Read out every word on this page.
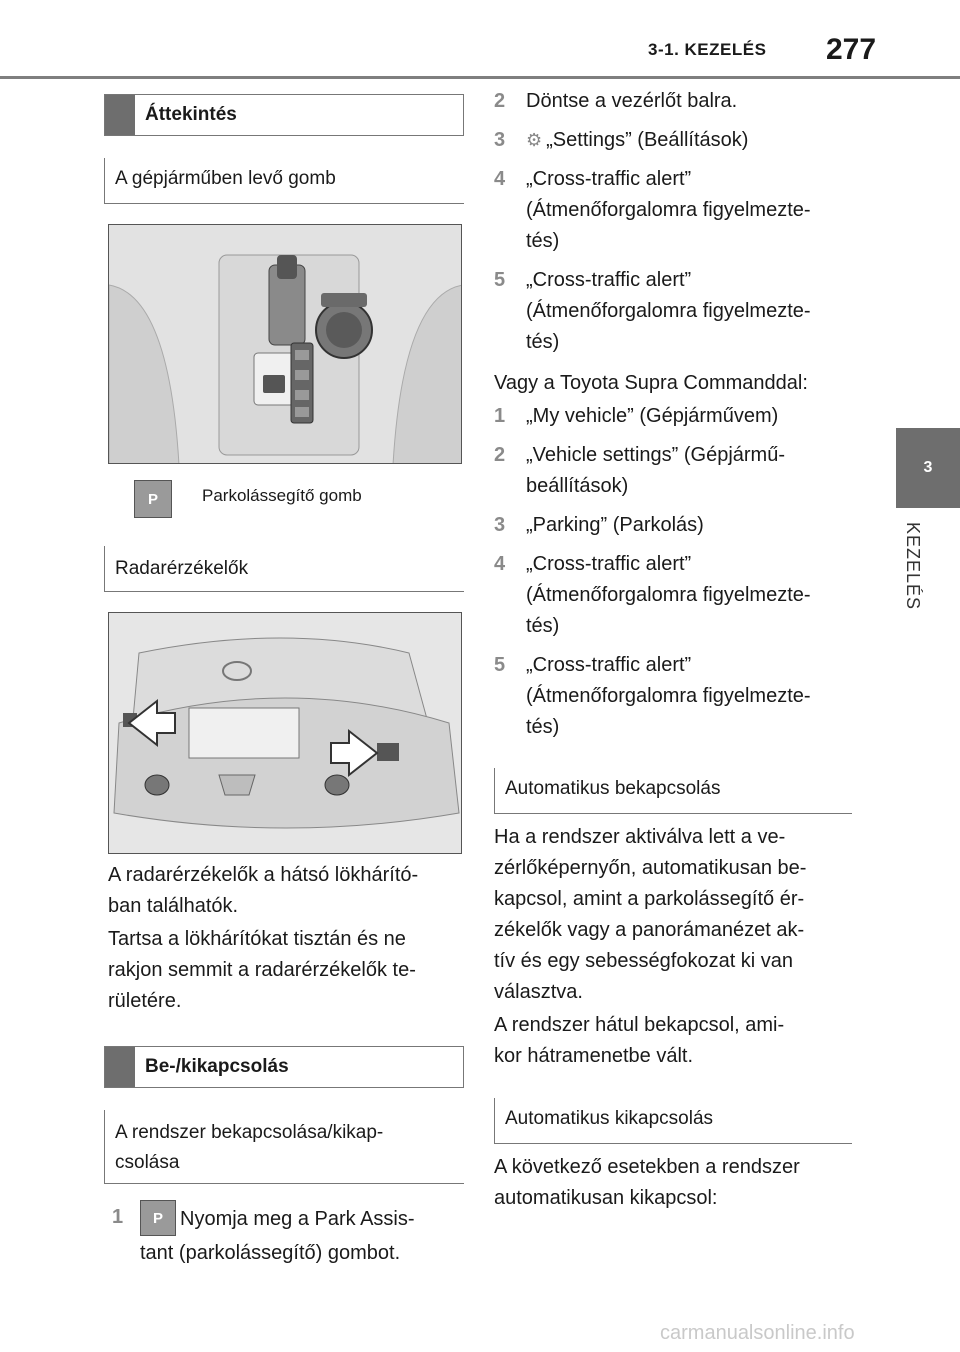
3-1. KEZELÉS 277
3
KEZELÉS
Áttekintés
A gépjárműben levő gomb
P	Parkolássegítő gomb
Radarérzékelők
A radarérzékelők a hátsó lökhárító-
ban találhatók.
Tartsa a lökhárítókat tisztán és ne
rakjon semmit a radarérzékelők te-
rületére.
Be-/kikapcsolás
A rendszer bekapcsolása/kikap-
csolása
1	P Nyomja meg a Park Assis-
tant (parkolássegítő) gombot.
2 Döntse a vezérlőt balra.
3 ⚙ „Settings” (Beállítások)
4 „Cross-traffic alert”
(Átmenőforgalomra figyelmezte-
tés)
5 „Cross-traffic alert”
(Átmenőforgalomra figyelmezte-
tés)
Vagy a Toyota Supra Commanddal:
1 „My vehicle” (Gépjárművem)
2 „Vehicle settings” (Gépjármű-
beállítások)
3 „Parking” (Parkolás)
4 „Cross-traffic alert”
(Átmenőforgalomra figyelmezte-
tés)
5 „Cross-traffic alert”
(Átmenőforgalomra figyelmezte-
tés)
Automatikus bekapcsolás
Ha a rendszer aktiválva lett a ve-
zérlőképernyőn, automatikusan be-
kapcsol, amint a parkolássegítő ér-
zékelők vagy a panorámanézet ak-
tív és egy sebességfokozat ki van
választva.
A rendszer hátul bekapcsol, ami-
kor hátramenetbe vált.
Automatikus kikapcsolás
A következő esetekben a rendszer
automatikusan kikapcsol:
carmanualsonline.info
